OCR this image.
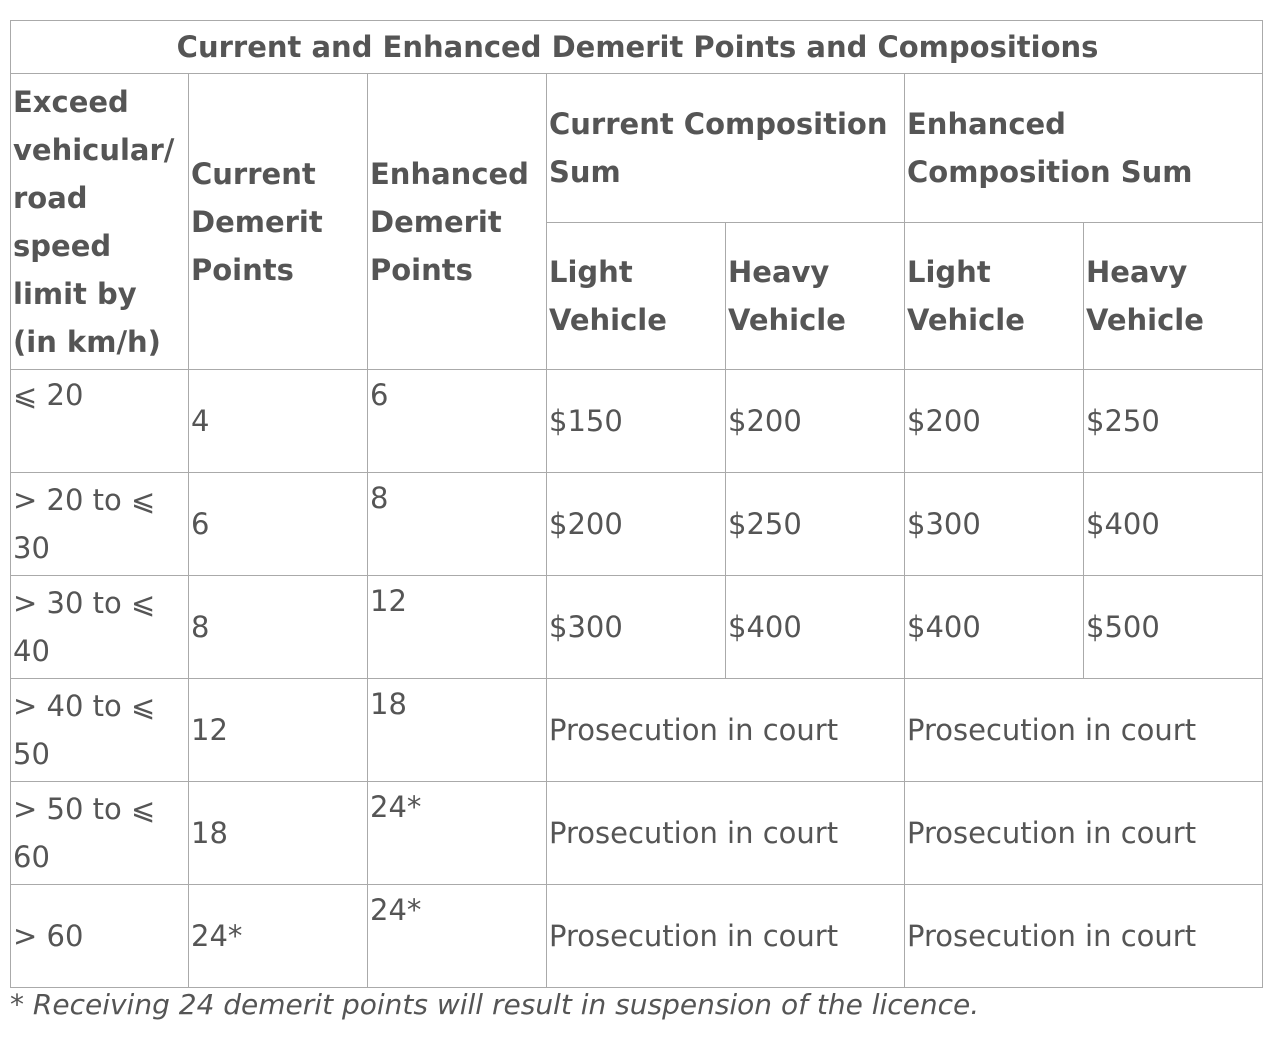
Current and Enhanced Demerit Points and Compositions						
Exceed vehicular/ road speed limit by (in km/h)	Current Demerit Points	Enhanced Demerit Points	Current Composition Sum		Enhanced Composition Sum	
			Light Vehicle	Heavy Vehicle	Light Vehicle	Heavy Vehicle
⩽ 20	4	6	$150	$200	$200	$250
> 20 to ⩽ 30	6	8	$200	$250	$300	$400
> 30 to ⩽ 40	8	12	$300	$400	$400	$500
> 40 to ⩽ 50	12	18	Prosecution in court		Prosecution in court	
> 50 to ⩽ 60	18	24*	Prosecution in court		Prosecution in court	
> 60	24*	24*	Prosecution in court		Prosecution in court	
* Receiving 24 demerit points will result in suspension of the licence.
